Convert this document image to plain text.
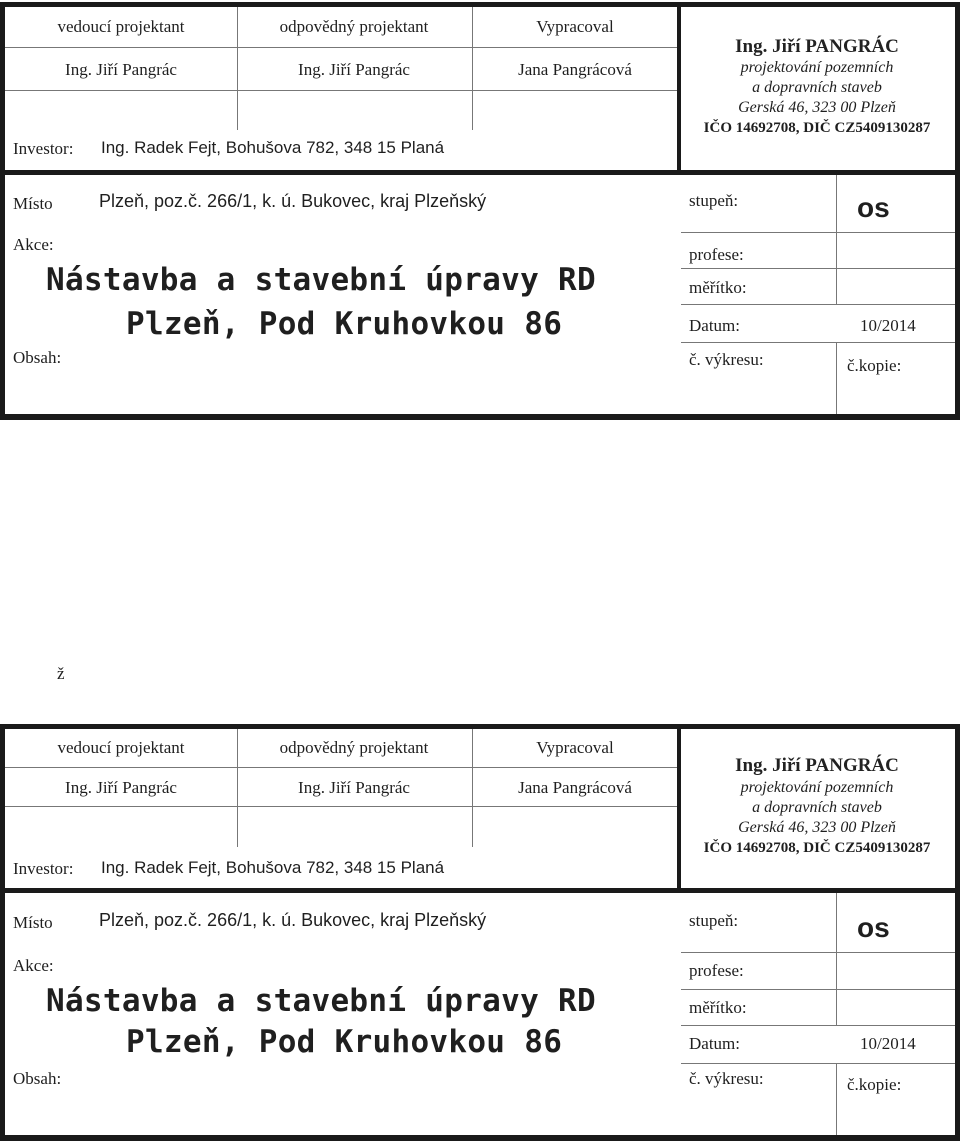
vedoucí projektant	odpovědný projektant	Vypracoval
Ing. Jiří Pangrác	Ing. Jiří Pangrác	Jana Pangrácová
Investor: Ing. Radek Fejt, Bohušova 782, 348 15 Planá
Ing. Jiří PANGRÁC
projektování pozemních
a dopravních staveb
Gerská 46, 323 00 Plzeň
IČO 14692708, DIČ CZ5409130287
Místo	Plzeň, poz.č. 266/1, k. ú. Bukovec, kraj Plzeňský
Akce:
Nástavba a stavební úpravy RD
Plzeň, Pod Kruhovkou 86
Obsah:
stupeň:	os
profese:
měřítko:
Datum:	10/2014
č. výkresu:	č.kopie:
ž
vedoucí projektant	odpovědný projektant	Vypracoval
Ing. Jiří Pangrác	Ing. Jiří Pangrác	Jana Pangrácová
Investor: Ing. Radek Fejt, Bohušova 782, 348 15 Planá
Ing. Jiří PANGRÁC
projektování pozemních
a dopravních staveb
Gerská 46, 323 00 Plzeň
IČO 14692708, DIČ CZ5409130287
Místo	Plzeň, poz.č. 266/1, k. ú. Bukovec, kraj Plzeňský
Akce:
Nástavba a stavební úpravy RD
Plzeň, Pod Kruhovkou 86
Obsah:
stupeň:	os
profese:
měřítko:
Datum:	10/2014
č. výkresu:	č.kopie:
